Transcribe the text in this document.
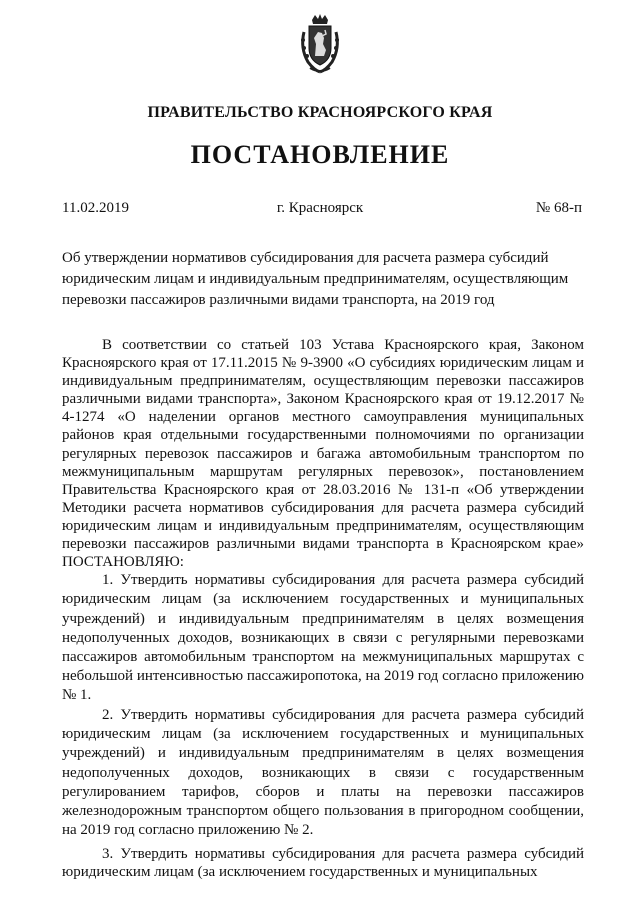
ПРАВИТЕЛЬСТВО КРАСНОЯРСКОГО КРАЯ
ПОСТАНОВЛЕНИЕ
11.02.2019	г. Красноярск	№ 68-п
Об утверждении нормативов субсидирования для расчета размера субсидий юридическим лицам и индивидуальным предпринимателям, осуществляющим перевозки пассажиров различными видами транспорта, на 2019 год

В соответствии со статьей 103 Устава Красноярского края, Законом Красноярского края от 17.11.2015 № 9-3900 «О субсидиях юридическим лицам и индивидуальным предпринимателям, осуществляющим перевозки пассажиров различными видами транспорта», Законом Красноярского края от 19.12.2017 № 4-1274 «О наделении органов местного самоуправления муниципальных районов края отдельными государственными полномочиями по организации регулярных перевозок пассажиров и багажа автомобильным транспортом по межмуниципальным маршрутам регулярных перевозок», постановлением Правительства Красноярского края от 28.03.2016 № 131-п «Об утверждении Методики расчета нормативов субсидирования для расчета размера субсидий юридическим лицам и индивидуальным предпринимателям, осуществляющим перевозки пассажиров различными видами транспорта в Красноярском крае» ПОСТАНОВЛЯЮ:

1. Утвердить нормативы субсидирования для расчета размера субсидий юридическим лицам (за исключением государственных и муниципальных учреждений) и индивидуальным предпринимателям в целях возмещения недополученных доходов, возникающих в связи с регулярными перевозками пассажиров автомобильным транспортом на межмуниципальных маршрутах с небольшой интенсивностью пассажиропотока, на 2019 год согласно приложению № 1.

2. Утвердить нормативы субсидирования для расчета размера субсидий юридическим лицам (за исключением государственных и муниципальных учреждений) и индивидуальным предпринимателям в целях возмещения недополученных доходов, возникающих в связи с государственным регулированием тарифов, сборов и платы на перевозки пассажиров железнодорожным транспортом общего пользования в пригородном сообщении, на 2019 год согласно приложению № 2.

3. Утвердить нормативы субсидирования для расчета размера субсидий юридическим лицам (за исключением государственных и муниципальных
